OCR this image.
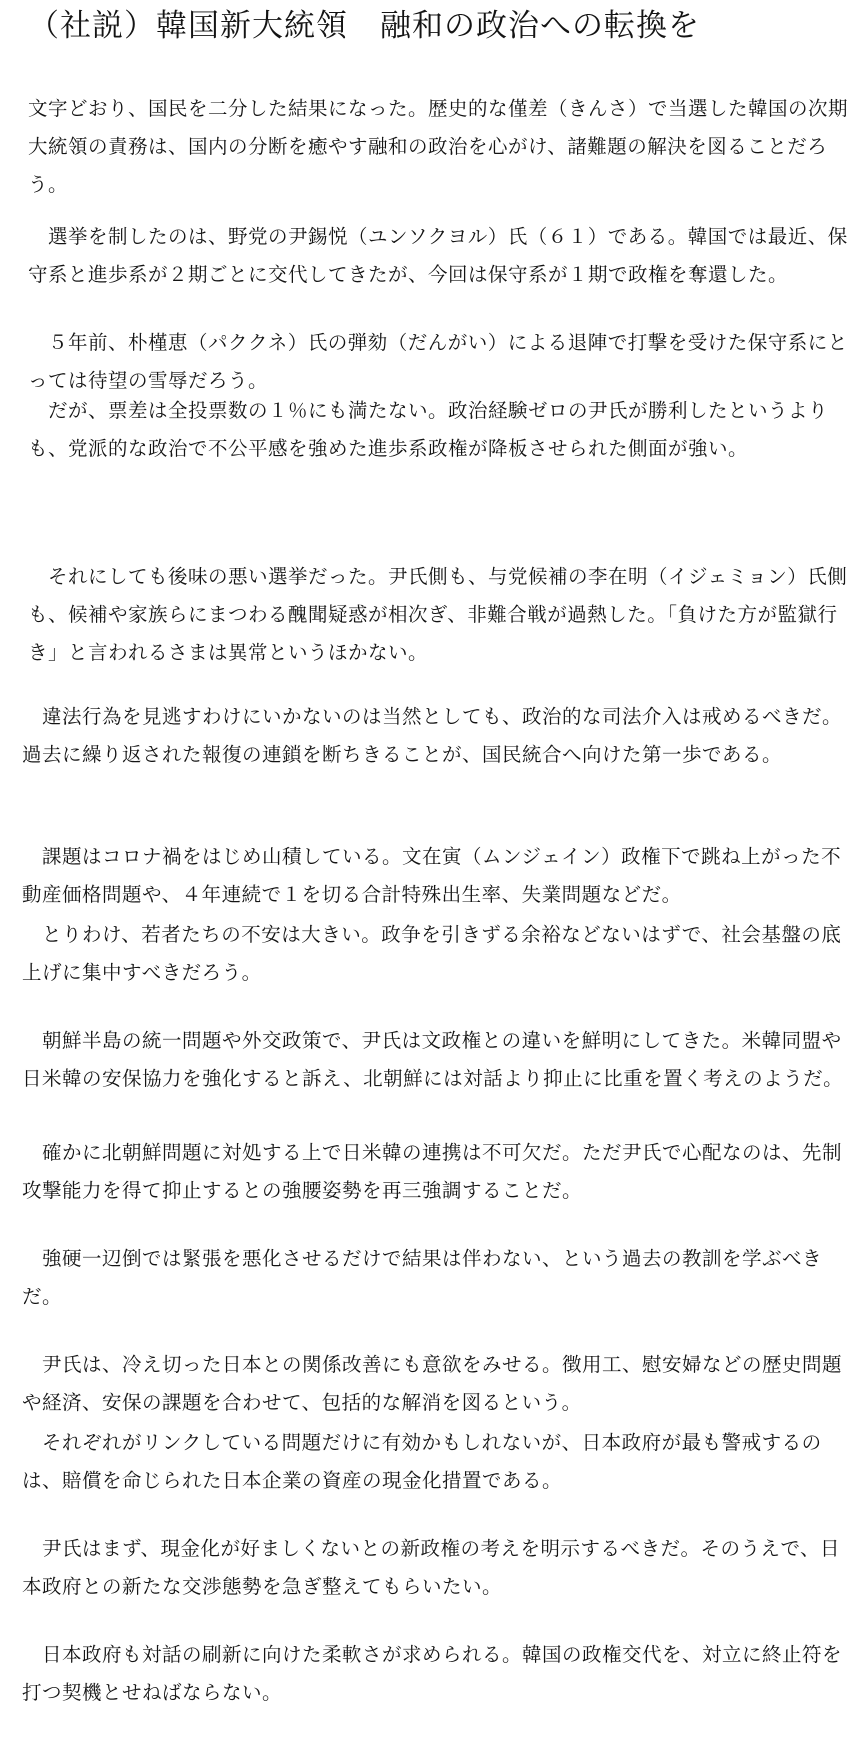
（社説）韓国新大統領　融和の政治への転換を

文字どおり、国民を二分した結果になった。歴史的な僅差（きんさ）で当選した韓国の次期大統領の責務は、国内の分断を癒やす融和の政治を心がけ、諸難題の解決を図ることだろう。

　選挙を制したのは、野党の尹錫悦（ユンソクヨル）氏（６１）である。韓国では最近、保守系と進歩系が２期ごとに交代してきたが、今回は保守系が１期で政権を奪還した。

　５年前、朴槿恵（パククネ）氏の弾劾（だんがい）による退陣で打撃を受けた保守系にとっては待望の雪辱だろう。

　だが、票差は全投票数の１％にも満たない。政治経験ゼロの尹氏が勝利したというよりも、党派的な政治で不公平感を強めた進歩系政権が降板させられた側面が強い。

　それにしても後味の悪い選挙だった。尹氏側も、与党候補の李在明（イジェミョン）氏側も、候補や家族らにまつわる醜聞疑惑が相次ぎ、非難合戦が過熱した。「負けた方が監獄行き」と言われるさまは異常というほかない。

　違法行為を見逃すわけにいかないのは当然としても、政治的な司法介入は戒めるべきだ。過去に繰り返された報復の連鎖を断ちきることが、国民統合へ向けた第一歩である。

　課題はコロナ禍をはじめ山積している。文在寅（ムンジェイン）政権下で跳ね上がった不動産価格問題や、４年連続で１を切る合計特殊出生率、失業問題などだ。

　とりわけ、若者たちの不安は大きい。政争を引きずる余裕などないはずで、社会基盤の底上げに集中すべきだろう。

　朝鮮半島の統一問題や外交政策で、尹氏は文政権との違いを鮮明にしてきた。米韓同盟や日米韓の安保協力を強化すると訴え、北朝鮮には対話より抑止に比重を置く考えのようだ。

　確かに北朝鮮問題に対処する上で日米韓の連携は不可欠だ。ただ尹氏で心配なのは、先制攻撃能力を得て抑止するとの強腰姿勢を再三強調することだ。

　強硬一辺倒では緊張を悪化させるだけで結果は伴わない、という過去の教訓を学ぶべきだ。

　尹氏は、冷え切った日本との関係改善にも意欲をみせる。徴用工、慰安婦などの歴史問題や経済、安保の課題を合わせて、包括的な解消を図るという。

　それぞれがリンクしている問題だけに有効かもしれないが、日本政府が最も警戒するのは、賠償を命じられた日本企業の資産の現金化措置である。

　尹氏はまず、現金化が好ましくないとの新政権の考えを明示するべきだ。そのうえで、日本政府との新たな交渉態勢を急ぎ整えてもらいたい。

　日本政府も対話の刷新に向けた柔軟さが求められる。韓国の政権交代を、対立に終止符を打つ契機とせねばならない。
